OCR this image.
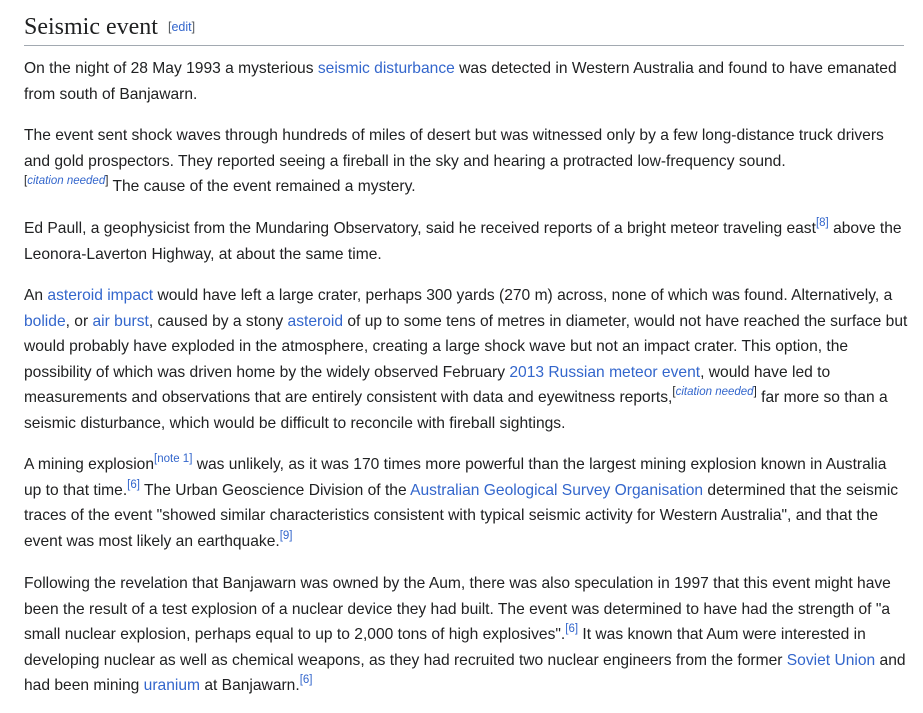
Seismic event [edit]

On the night of 28 May 1993 a mysterious seismic disturbance was detected in Western Australia and found to have emanated from south of Banjawarn.

The event sent shock waves through hundreds of miles of desert but was witnessed only by a few long-distance truck drivers and gold prospectors. They reported seeing a fireball in the sky and hearing a protracted low-frequency sound.
[citation needed] The cause of the event remained a mystery.

Ed Paull, a geophysicist from the Mundaring Observatory, said he received reports of a bright meteor traveling east[8] above the Leonora-Laverton Highway, at about the same time.

An asteroid impact would have left a large crater, perhaps 300 yards (270 m) across, none of which was found. Alternatively, a bolide, or air burst, caused by a stony asteroid of up to some tens of metres in diameter, would not have reached the surface but would probably have exploded in the atmosphere, creating a large shock wave but not an impact crater. This option, the possibility of which was driven home by the widely observed February 2013 Russian meteor event, would have led to measurements and observations that are entirely consistent with data and eyewitness reports,[citation needed] far more so than a seismic disturbance, which would be difficult to reconcile with fireball sightings.

A mining explosion[note 1] was unlikely, as it was 170 times more powerful than the largest mining explosion known in Australia up to that time.[6] The Urban Geoscience Division of the Australian Geological Survey Organisation determined that the seismic traces of the event "showed similar characteristics consistent with typical seismic activity for Western Australia", and that the event was most likely an earthquake.[9]

Following the revelation that Banjawarn was owned by the Aum, there was also speculation in 1997 that this event might have been the result of a test explosion of a nuclear device they had built. The event was determined to have had the strength of "a small nuclear explosion, perhaps equal to up to 2,000 tons of high explosives".[6] It was known that Aum were interested in developing nuclear as well as chemical weapons, as they had recruited two nuclear engineers from the former Soviet Union and had been mining uranium at Banjawarn.[6]
